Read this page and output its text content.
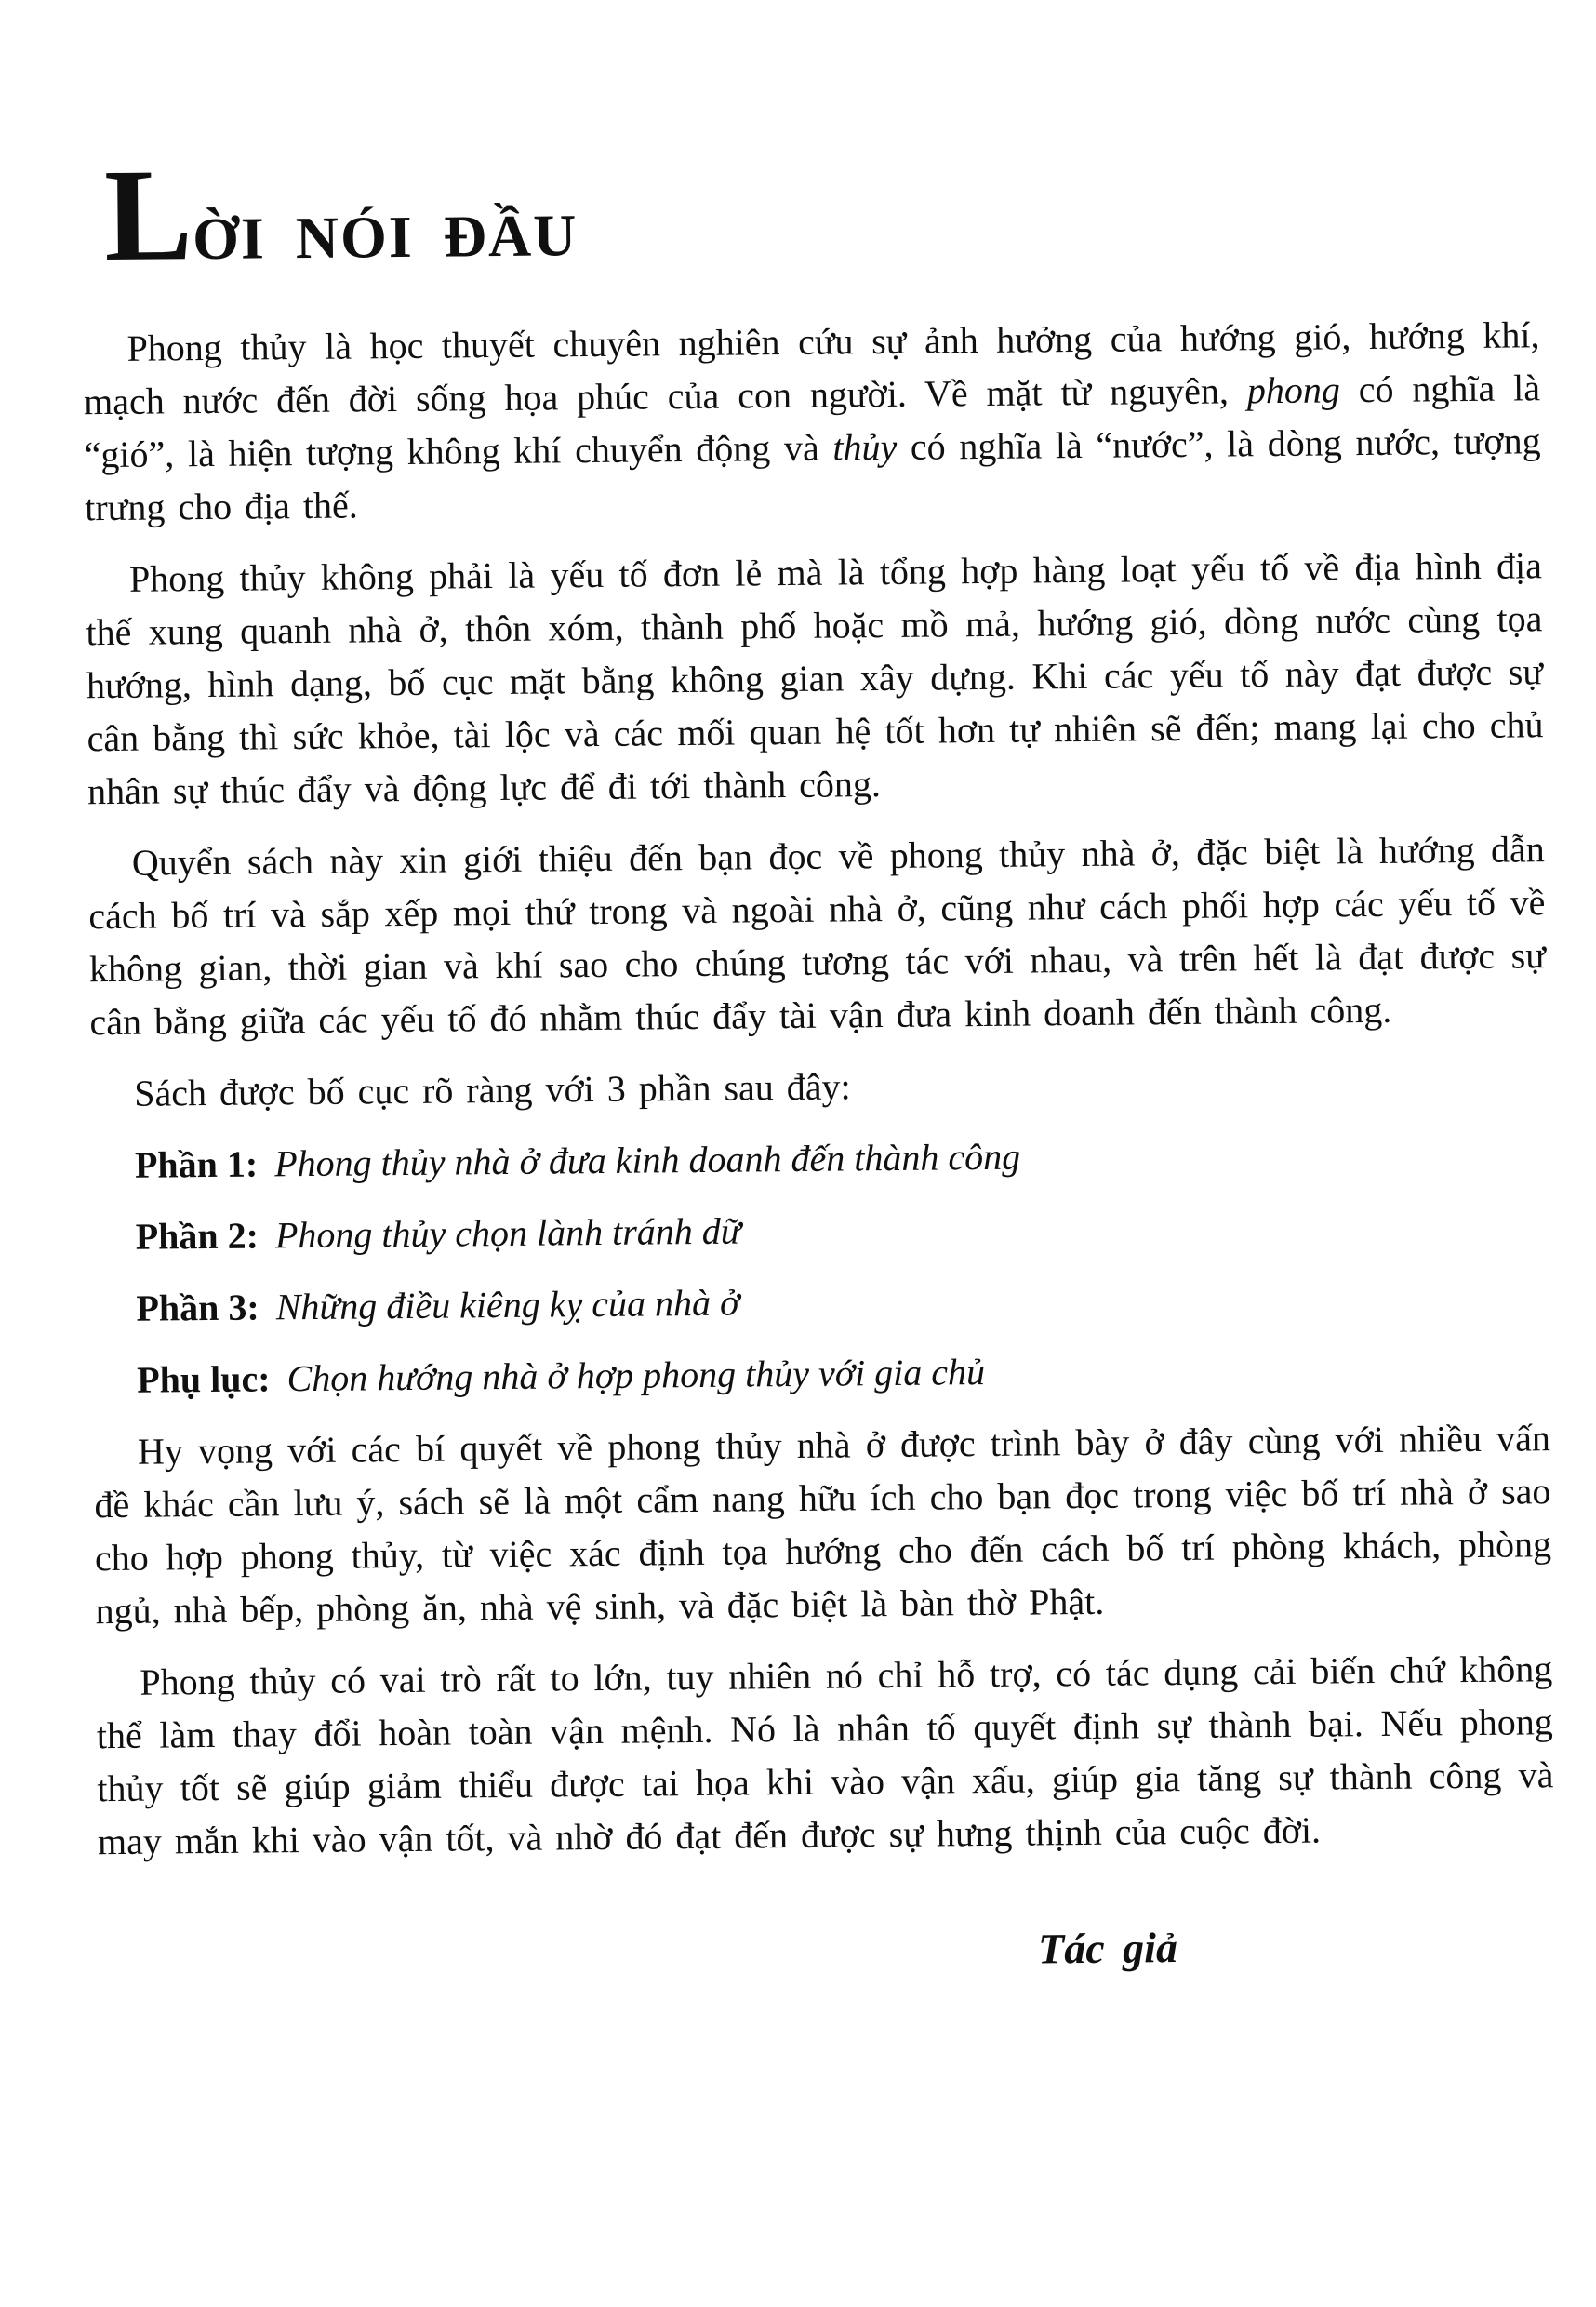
LỜI NÓI ĐẦU

Phong thủy là học thuyết chuyên nghiên cứu sự ảnh hưởng của hướng gió, hướng khí, mạch nước đến đời sống họa phúc của con người. Về mặt từ nguyên, phong có nghĩa là “gió”, là hiện tượng không khí chuyển động và thủy có nghĩa là “nước”, là dòng nước, tượng trưng cho địa thế.

Phong thủy không phải là yếu tố đơn lẻ mà là tổng hợp hàng loạt yếu tố về địa hình địa thế xung quanh nhà ở, thôn xóm, thành phố hoặc mồ mả, hướng gió, dòng nước cùng tọa hướng, hình dạng, bố cục mặt bằng không gian xây dựng. Khi các yếu tố này đạt được sự cân bằng thì sức khỏe, tài lộc và các mối quan hệ tốt hơn tự nhiên sẽ đến; mang lại cho chủ nhân sự thúc đẩy và động lực để đi tới thành công.

Quyển sách này xin giới thiệu đến bạn đọc về phong thủy nhà ở, đặc biệt là hướng dẫn cách bố trí và sắp xếp mọi thứ trong và ngoài nhà ở, cũng như cách phối hợp các yếu tố về không gian, thời gian và khí sao cho chúng tương tác với nhau, và trên hết là đạt được sự cân bằng giữa các yếu tố đó nhằm thúc đẩy tài vận đưa kinh doanh đến thành công.

Sách được bố cục rõ ràng với 3 phần sau đây:

Phần 1: Phong thủy nhà ở đưa kinh doanh đến thành công

Phần 2: Phong thủy chọn lành tránh dữ

Phần 3: Những điều kiêng kỵ của nhà ở

Phụ lục: Chọn hướng nhà ở hợp phong thủy với gia chủ

Hy vọng với các bí quyết về phong thủy nhà ở được trình bày ở đây cùng với nhiều vấn đề khác cần lưu ý, sách sẽ là một cẩm nang hữu ích cho bạn đọc trong việc bố trí nhà ở sao cho hợp phong thủy, từ việc xác định tọa hướng cho đến cách bố trí phòng khách, phòng ngủ, nhà bếp, phòng ăn, nhà vệ sinh, và đặc biệt là bàn thờ Phật.

Phong thủy có vai trò rất to lớn, tuy nhiên nó chỉ hỗ trợ, có tác dụng cải biến chứ không thể làm thay đổi hoàn toàn vận mệnh. Nó là nhân tố quyết định sự thành bại. Nếu phong thủy tốt sẽ giúp giảm thiểu được tai họa khi vào vận xấu, giúp gia tăng sự thành công và may mắn khi vào vận tốt, và nhờ đó đạt đến được sự hưng thịnh của cuộc đời.

Tác giả
